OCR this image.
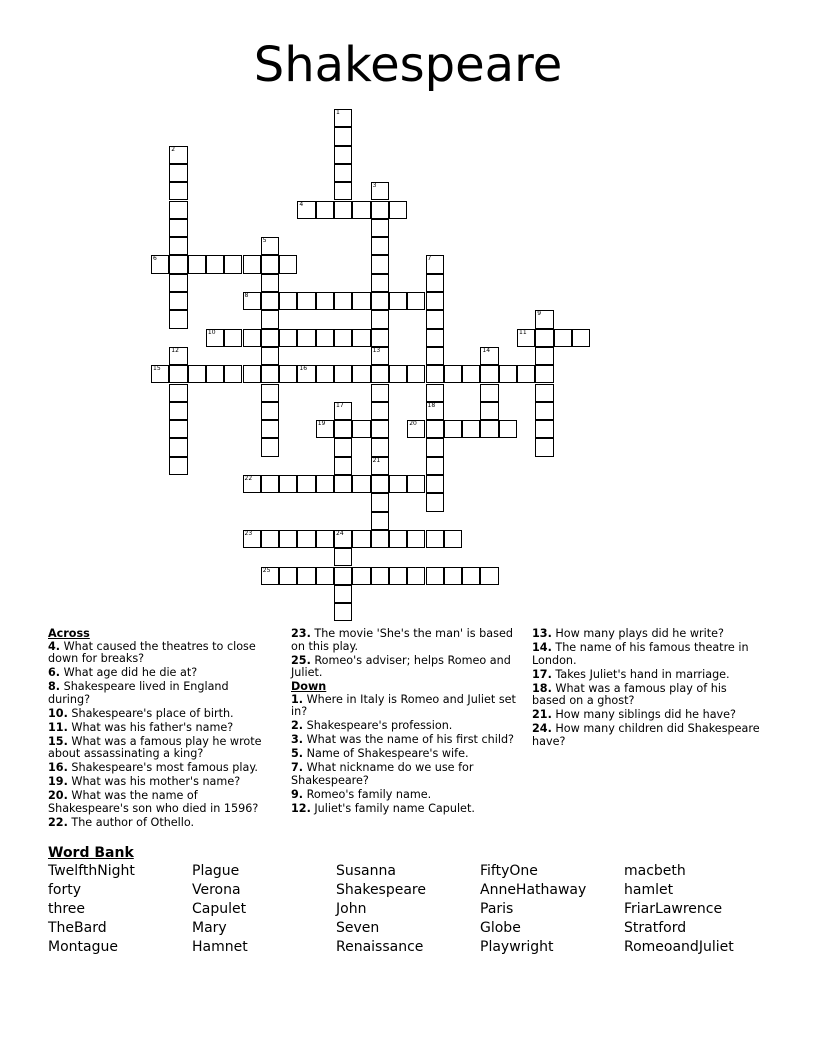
Shakespeare
1
2
3
13
4
5
6	7
18
8
9
10	11
12	14
15	16
17
19	20
21
22
23	24
25
Across
4. What caused the theatres to close down for breaks?
6. What age did he die at?
8. Shakespeare lived in England during?
10. Shakespeare's place of birth.
11. What was his father's name?
15. What was a famous play he wrote about assassinating a king?
16. Shakespeare's most famous play.
19. What was his mother's name?
20. What was the name of Shakespeare's son who died in 1596?
22. The author of Othello.
23. The movie 'She's the man' is based on this play.
25. Romeo's adviser; helps Romeo and Juliet.
Down
1. Where in Italy is Romeo and Juliet set in?
2. Shakespeare's profession.
3. What was the name of his first child?
5. Name of Shakespeare's wife.
7. What nickname do we use for Shakespeare?
9. Romeo's family name.
12. Juliet's family name Capulet.
13. How many plays did he write?
14. The name of his famous theatre in London.
17. Takes Juliet's hand in marriage.
18. What was a famous play of his based on a ghost?
21. How many siblings did he have?
24. How many children did Shakespeare have?
Word Bank
TwelfthNight
forty
three
TheBard
Montague
Plague
Verona
Capulet
Mary
Hamnet
Susanna
Shakespeare
John
Seven
Renaissance
FiftyOne
AnneHathaway
Paris
Globe
Playwright
macbeth
hamlet
FriarLawrence
Stratford
RomeoandJuliet
